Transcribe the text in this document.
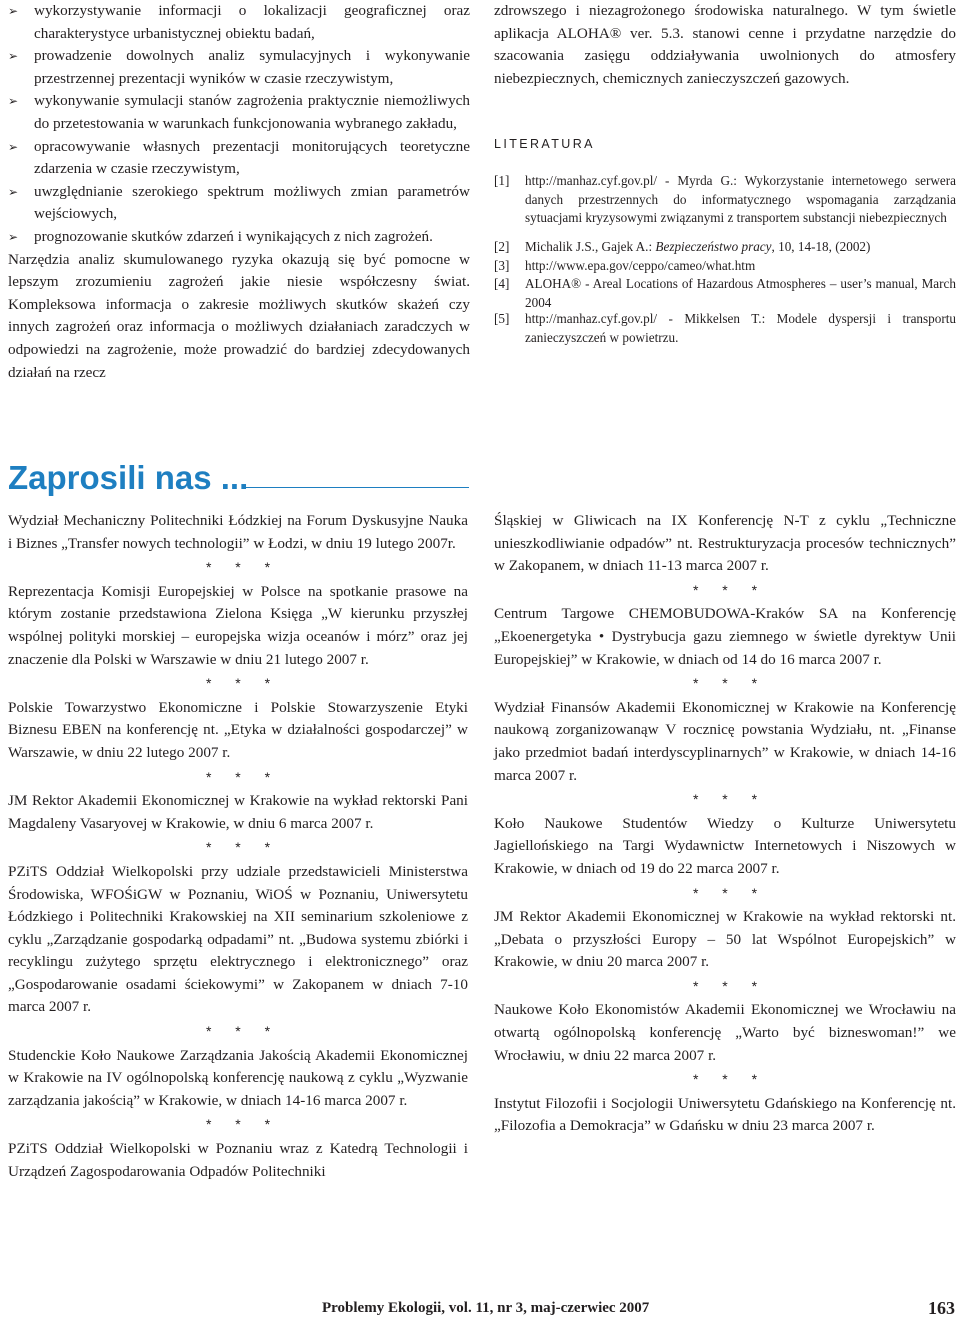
➢ wykorzystywanie informacji o lokalizacji geograficznej oraz charakterystyce urbanistycznej obiektu badań,

➢ prowadzenie dowolnych analiz symulacyjnych i wykonywanie przestrzennej prezentacji wyników w czasie rzeczywistym,

➢ wykonywanie symulacji stanów zagrożenia praktycznie niemożliwych do przetestowania w warunkach funkcjonowania wybranego zakładu,

➢ opracowywanie własnych prezentacji monitorujących teoretyczne zdarzenia w czasie rzeczywistym,

➢ uwzględnianie szerokiego spektrum możliwych zmian parametrów wejściowych,

➢ prognozowanie skutków zdarzeń i wynikających z nich zagrożeń.

Narzędzia analiz skumulowanego ryzyka okazują się być pomocne w lepszym zrozumieniu zagrożeń jakie niesie współczesny świat. Kompleksowa informacja o zakresie możliwych skutków skażeń czy innych zagrożeń oraz informacja o możliwych działaniach zaradczych w odpowiedzi na zagrożenie, może prowadzić do bardziej zdecydowanych działań na rzecz

zdrowszego i niezagrożonego środowiska naturalnego. W tym świetle aplikacja ALOHA® ver. 5.3. stanowi cenne i przydatne narzędzie do szacowania zasięgu oddziaływania uwolnionych do atmosfery niebezpiecznych, chemicznych zanieczyszczeń gazowych.

LITERATURA
[1] http://manhaz.cyf.gov.pl/ - Myrda G.: Wykorzystanie internetowego serwera danych przestrzennych do informatycznego wspomagania zarządzania sytuacjami kryzysowymi związanymi z transportem substancji niebezpiecznych
[2] Michalik J.S., Gajek A.: Bezpieczeństwo pracy, 10, 14-18, (2002)
[3] http://www.epa.gov/ceppo/cameo/what.htm
[4] ALOHA® - Areal Locations of Hazardous Atmospheres – user’s manual, March 2004
[5] http://manhaz.cyf.gov.pl/ - Mikkelsen T.: Modele dyspersji i transportu zanieczyszczeń w powietrzu.
Zaprosili nas ...

Wydział Mechaniczny Politechniki Łódzkiej na Forum Dyskusyjne Nauka i Biznes „Transfer nowych technologii” w Łodzi, w dniu 19 lutego 2007r.

* * *

Reprezentacja Komisji Europejskiej w Polsce na spotkanie prasowe na którym zostanie przedstawiona Zielona Księga „W kierunku przyszłej wspólnej polityki morskiej – europejska wizja oceanów i mórz” oraz jej znaczenie dla Polski w Warszawie w dniu 21 lutego 2007 r.

* * *

Polskie Towarzystwo Ekonomiczne i Polskie Stowarzyszenie Etyki Biznesu EBEN na konferencję nt. „Etyka w działalności gospodarczej” w Warszawie, w dniu 22 lutego 2007 r.

* * *

JM Rektor Akademii Ekonomicznej w Krakowie na wykład rektorski Pani Magdaleny Vasaryovej w Krakowie, w dniu 6 marca 2007 r.

* * *

PZiTS Oddział Wielkopolski przy udziale przedstawicieli Ministerstwa Środowiska, WFOŚiGW w Poznaniu, WiOŚ w Poznaniu, Uniwersytetu Łódzkiego i Politechniki Krakowskiej na XII seminarium szkoleniowe z cyklu „Zarządzanie gospodarką odpadami” nt. „Budowa systemu zbiórki i recyklingu zużytego sprzętu elektrycznego i elektronicznego” oraz „Gospodarowanie osadami ściekowymi” w Zakopanem w dniach 7-10 marca 2007 r.

* * *

Studenckie Koło Naukowe Zarządzania Jakością Akademii Ekonomicznej w Krakowie na IV ogólnopolską konferencję naukową z cyklu „Wyzwanie zarządzania jakością” w Krakowie, w dniach 14-16 marca 2007 r.

* * *

PZiTS Oddział Wielkopolski w Poznaniu wraz z Katedrą Technologii i Urządzeń Zagospodarowania Odpadów Politechniki

Śląskiej w Gliwicach na IX Konferencję N-T z cyklu „Techniczne unieszkodliwianie odpadów” nt. Restrukturyzacja procesów technicznych” w Zakopanem, w dniach 11-13 marca 2007 r.

* * *

Centrum Targowe CHEMOBUDOWA-Kraków SA na Konferencję „Ekoenergetyka • Dystrybucja gazu ziemnego w świetle dyrektyw Unii Europejskiej” w Krakowie, w dniach od 14 do 16 marca 2007 r.

* * *

Wydział Finansów Akademii Ekonomicznej w Krakowie na Konferencję naukową zorganizowanąw V rocznicę powstania Wydziału, nt. „Finanse jako przedmiot badań interdyscyplinarnych” w Krakowie, w dniach 14-16 marca 2007 r.

* * *

Koło Naukowe Studentów Wiedzy o Kulturze Uniwersytetu Jagiellońskiego na Targi Wydawnictw Internetowych i Niszowych w Krakowie, w dniach od 19 do 22 marca 2007 r.

* * *

JM Rektor Akademii Ekonomicznej w Krakowie na wykład rektorski nt. „Debata o przyszłości Europy – 50 lat Wspólnot Europejskich” w Krakowie, w dniu 20 marca 2007 r.

* * *

Naukowe Koło Ekonomistów Akademii Ekonomicznej we Wrocławiu na otwartą ogólnopolską konferencję „Warto być bizneswoman!” we Wrocławiu, w dniu 22 marca 2007 r.

* * *

Instytut Filozofii i Socjologii Uniwersytetu Gdańskiego na Konferencję nt. „Filozofia a Demokracja” w Gdańsku w dniu 23 marca 2007 r.

Problemy Ekologii, vol. 11, nr 3, maj-czerwiec 2007	163
